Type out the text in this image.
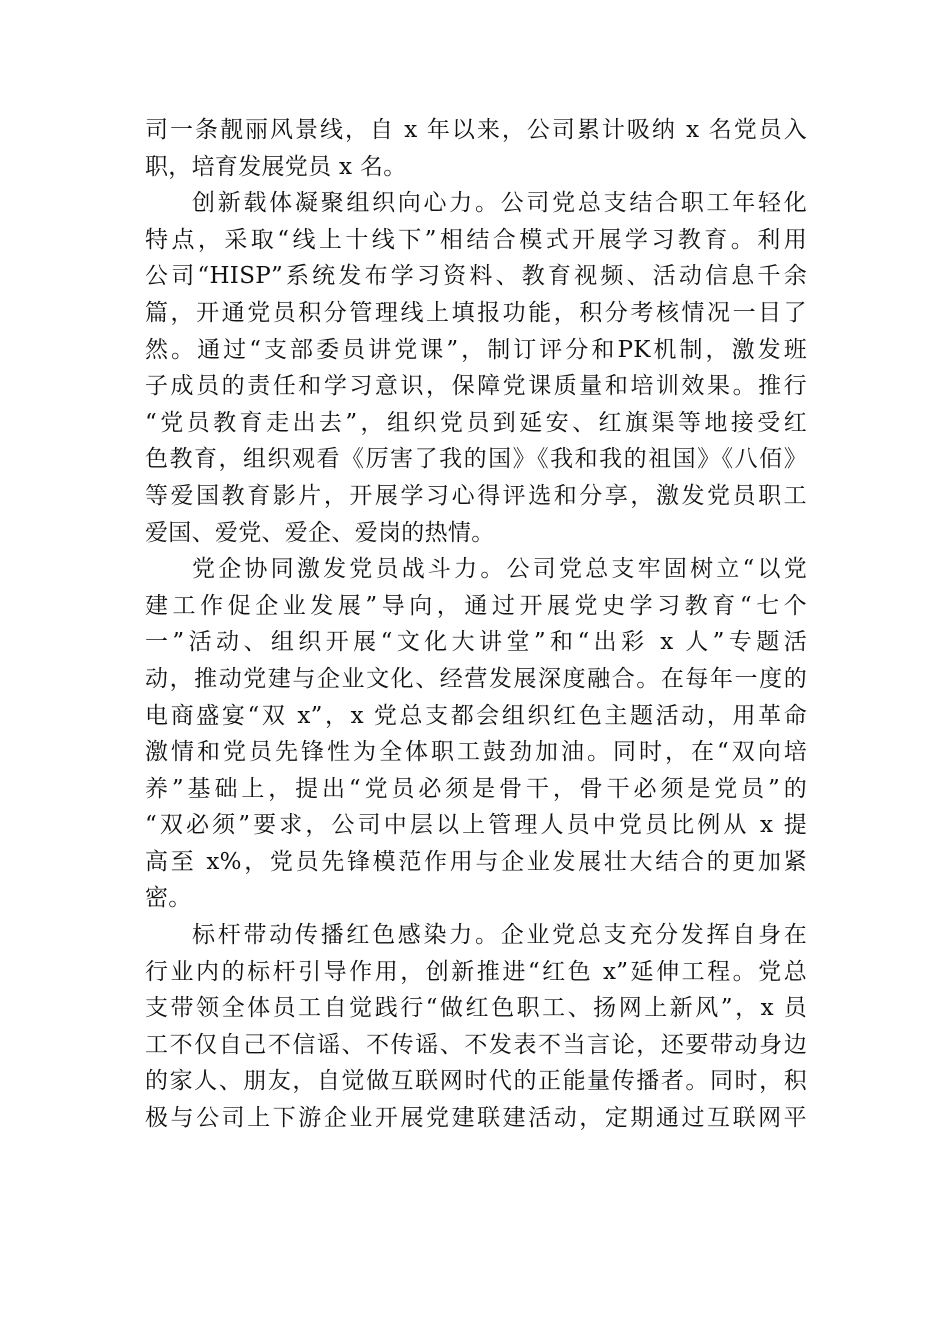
司一条靓丽风景线，自 x 年以来，公司累计吸纳 x 名党员入
职，培育发展党员 x 名。
创新载体凝聚组织向心力。公司党总支结合职工年轻化
特点，采取“线上十线下”相结合模式开展学习教育。利用
公司“HISP”系统发布学习资料、教育视频、活动信息千余
篇，开通党员积分管理线上填报功能，积分考核情况一目了
然。通过“支部委员讲党课”，制订评分和PK机制，激发班
子成员的责任和学习意识，保障党课质量和培训效果。推行
“党员教育走出去”，组织党员到延安、红旗渠等地接受红
色教育，组织观看《厉害了我的国》《我和我的祖国》《八佰》
等爱国教育影片，开展学习心得评选和分享，激发党员职工
爱国、爱党、爱企、爱岗的热情。
党企协同激发党员战斗力。公司党总支牢固树立“以党
建工作促企业发展”导向，通过开展党史学习教育“七个
一”活动、组织开展“文化大讲堂”和“出彩 x 人”专题活
动，推动党建与企业文化、经营发展深度融合。在每年一度的
电商盛宴“双 x”，x 党总支都会组织红色主题活动，用革命
激情和党员先锋性为全体职工鼓劲加油。同时，在“双向培
养”基础上，提出“党员必须是骨干，骨干必须是党员”的
“双必须”要求，公司中层以上管理人员中党员比例从 x 提
高至 x%，党员先锋模范作用与企业发展壮大结合的更加紧
密。
标杆带动传播红色感染力。企业党总支充分发挥自身在
行业内的标杆引导作用，创新推进“红色 x”延伸工程。党总
支带领全体员工自觉践行“做红色职工、扬网上新风”，x 员
工不仅自己不信谣、不传谣、不发表不当言论，还要带动身边
的家人、朋友，自觉做互联网时代的正能量传播者。同时，积
极与公司上下游企业开展党建联建活动，定期通过互联网平
